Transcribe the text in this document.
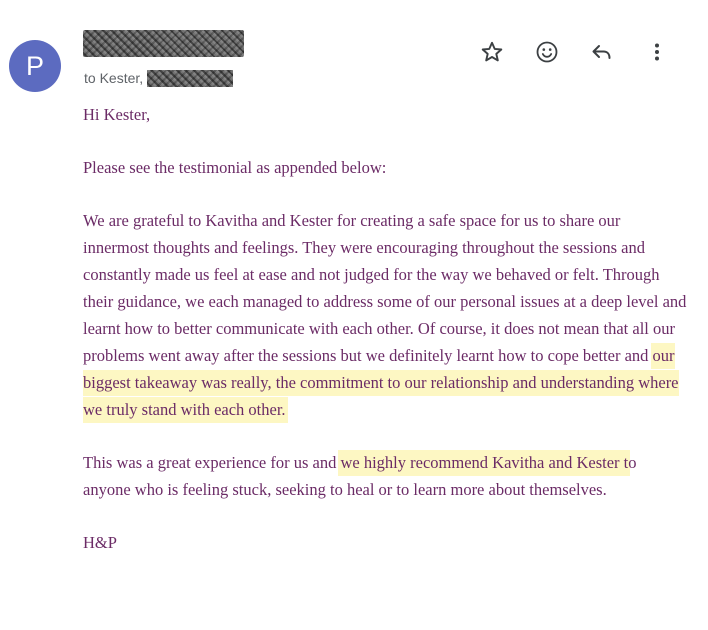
P	to Kester,

Hi Kester,

Please see the testimonial as appended below:

We are grateful to Kavitha and Kester for creating a safe space for us to share our innermost thoughts and feelings. They were encouraging throughout the sessions and constantly made us feel at ease and not judged for the way we behaved or felt. Through their guidance, we each managed to address some of our personal issues at a deep level and learnt how to better communicate with each other. Of course, it does not mean that all our problems went away after the sessions but we definitely learnt how to cope better and our biggest takeaway was really, the commitment to our relationship and understanding where we truly stand with each other.

This was a great experience for us and we highly recommend Kavitha and Kester to anyone who is feeling stuck, seeking to heal or to learn more about themselves.

H&P
